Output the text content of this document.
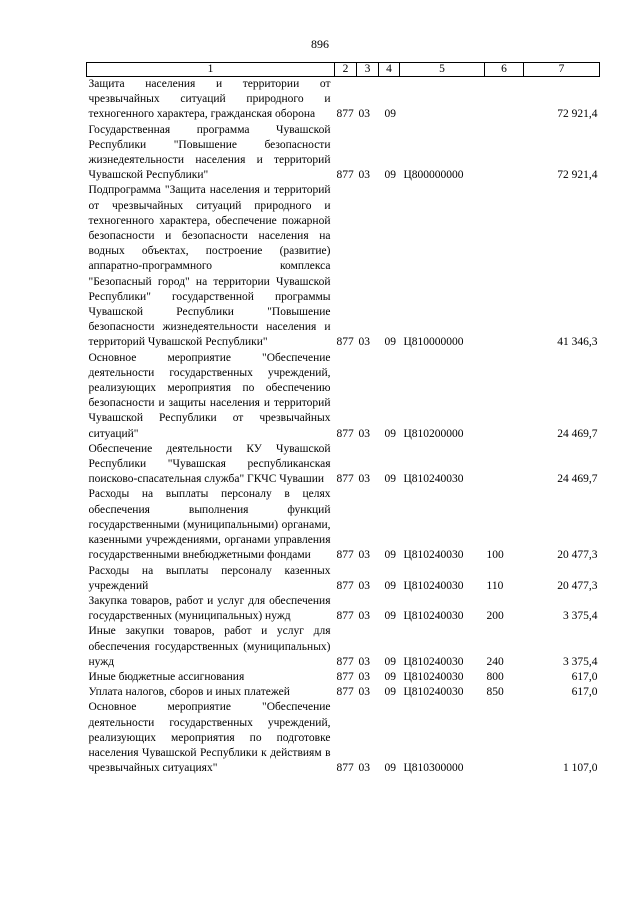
896
1	2	3	4	5	6	7
Защита населения и территории от чрезвычайных ситуаций природного и техногенного характера, гражданская оборона	877	03	09			72 921,4
Государственная программа Чувашской Республики "Повышение безопасности жизнедеятельности населения и территорий Чувашской Республики"	877	03	09	Ц800000000		72 921,4
Подпрограмма "Защита населения и территорий от чрезвычайных ситуаций природного и техногенного характера, обеспечение пожарной безопасности и безопасности населения на водных объектах, построение (развитие) аппаратно-программного комплекса "Безопасный город" на территории Чувашской Республики" государственной программы Чувашской Республики "Повышение безопасности жизнедеятельности населения и территорий Чувашской Республики"	877	03	09	Ц810000000		41 346,3
Основное мероприятие "Обеспечение деятельности государственных учреждений, реализующих мероприятия по обеспечению безопасности и защиты населения и территорий Чувашской Республики от чрезвычайных ситуаций"	877	03	09	Ц810200000		24 469,7
Обеспечение деятельности КУ Чувашской Республики "Чувашская республиканская поисково-спасательная служба" ГКЧС Чувашии	877	03	09	Ц810240030		24 469,7
Расходы на выплаты персоналу в целях обеспечения выполнения функций государственными (муниципальными) органами, казенными учреждениями, органами управления государственными внебюджетными фондами	877	03	09	Ц810240030	100	20 477,3
Расходы на выплаты персоналу казенных учреждений	877	03	09	Ц810240030	110	20 477,3
Закупка товаров, работ и услуг для обеспечения государственных (муниципальных) нужд	877	03	09	Ц810240030	200	3 375,4
Иные закупки товаров, работ и услуг для обеспечения государственных (муниципальных) нужд	877	03	09	Ц810240030	240	3 375,4
Иные бюджетные ассигнования	877	03	09	Ц810240030	800	617,0
Уплата налогов, сборов и иных платежей	877	03	09	Ц810240030	850	617,0
Основное мероприятие "Обеспечение деятельности государственных учреждений, реализующих мероприятия по подготовке населения Чувашской Республики к действиям в чрезвычайных ситуациях"	877	03	09	Ц810300000		1 107,0
